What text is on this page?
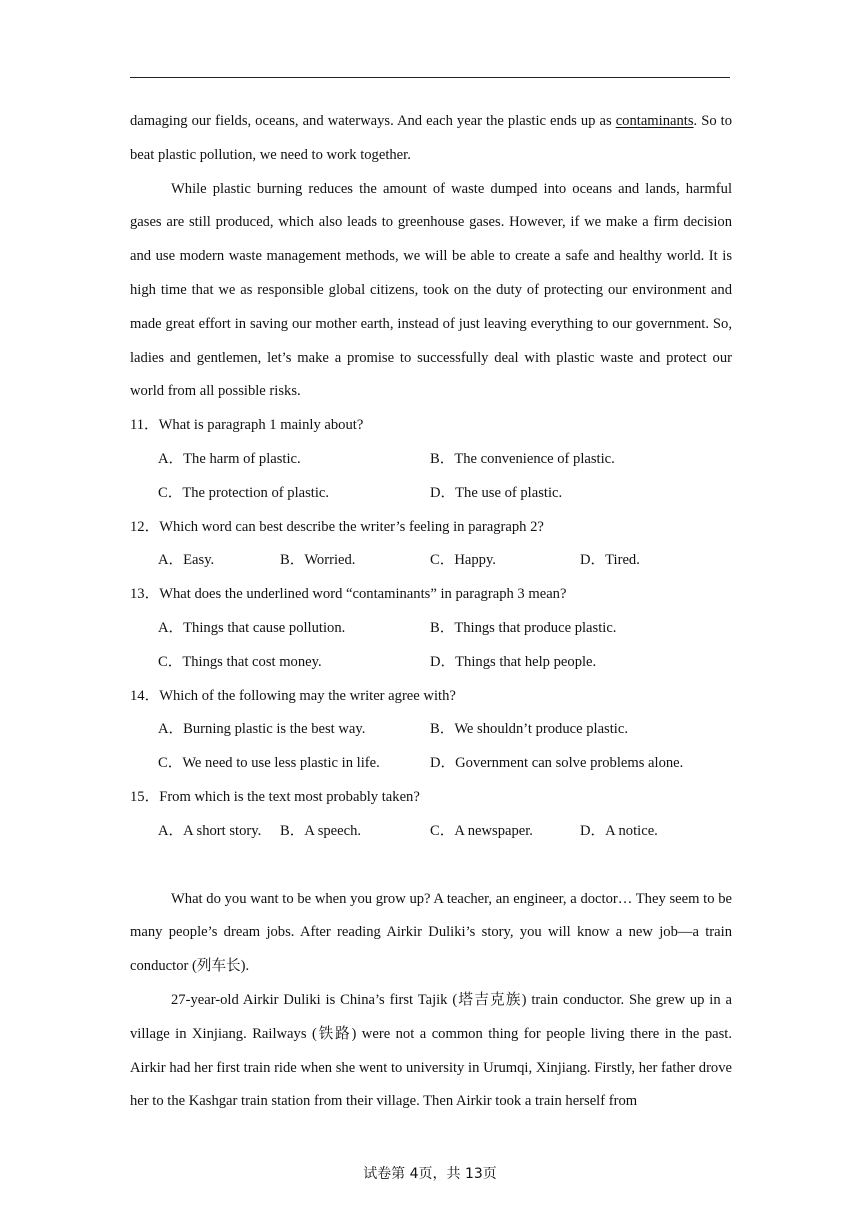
damaging our fields, oceans, and waterways. And each year the plastic ends up as contaminants. So to beat plastic pollution, we need to work together.

While plastic burning reduces the amount of waste dumped into oceans and lands, harmful gases are still produced, which also leads to greenhouse gases. However, if we make a firm decision and use modern waste management methods, we will be able to create a safe and healthy world. It is high time that we as responsible global citizens, took on the duty of protecting our environment and made great effort in saving our mother earth, instead of just leaving everything to our government. So, ladies and gentlemen, let’s make a promise to successfully deal with plastic waste and protect our world from all possible risks.

11．What is paragraph 1 mainly about?

A．The harm of plastic.	B．The convenience of plastic.
C．The protection of plastic.	D．The use of plastic.

12．Which word can best describe the writer’s feeling in paragraph 2?

A．Easy.	B．Worried.	C．Happy.	D．Tired.

13．What does the underlined word “contaminants” in paragraph 3 mean?

A．Things that cause pollution.	B．Things that produce plastic.
C．Things that cost money.	D．Things that help people.

14．Which of the following may the writer agree with?

A．Burning plastic is the best way.	B．We shouldn’t produce plastic.
C．We need to use less plastic in life.	D．Government can solve problems alone.

15．From which is the text most probably taken?

A．A short story.	B．A speech.	C．A newspaper.	D．A notice.

What do you want to be when you grow up? A teacher, an engineer, a doctor… They seem to be many people’s dream jobs. After reading Airkir Duliki’s story, you will know a new job—a train conductor (列车长).

27-year-old Airkir Duliki is China’s first Tajik (塔吉克族) train conductor. She grew up in a village in Xinjiang. Railways (铁路) were not a common thing for people living there in the past. Airkir had her first train ride when she went to university in Urumqi, Xinjiang. Firstly, her father drove her to the Kashgar train station from their village. Then Airkir took a train herself from

试卷第 4页，共 13页
